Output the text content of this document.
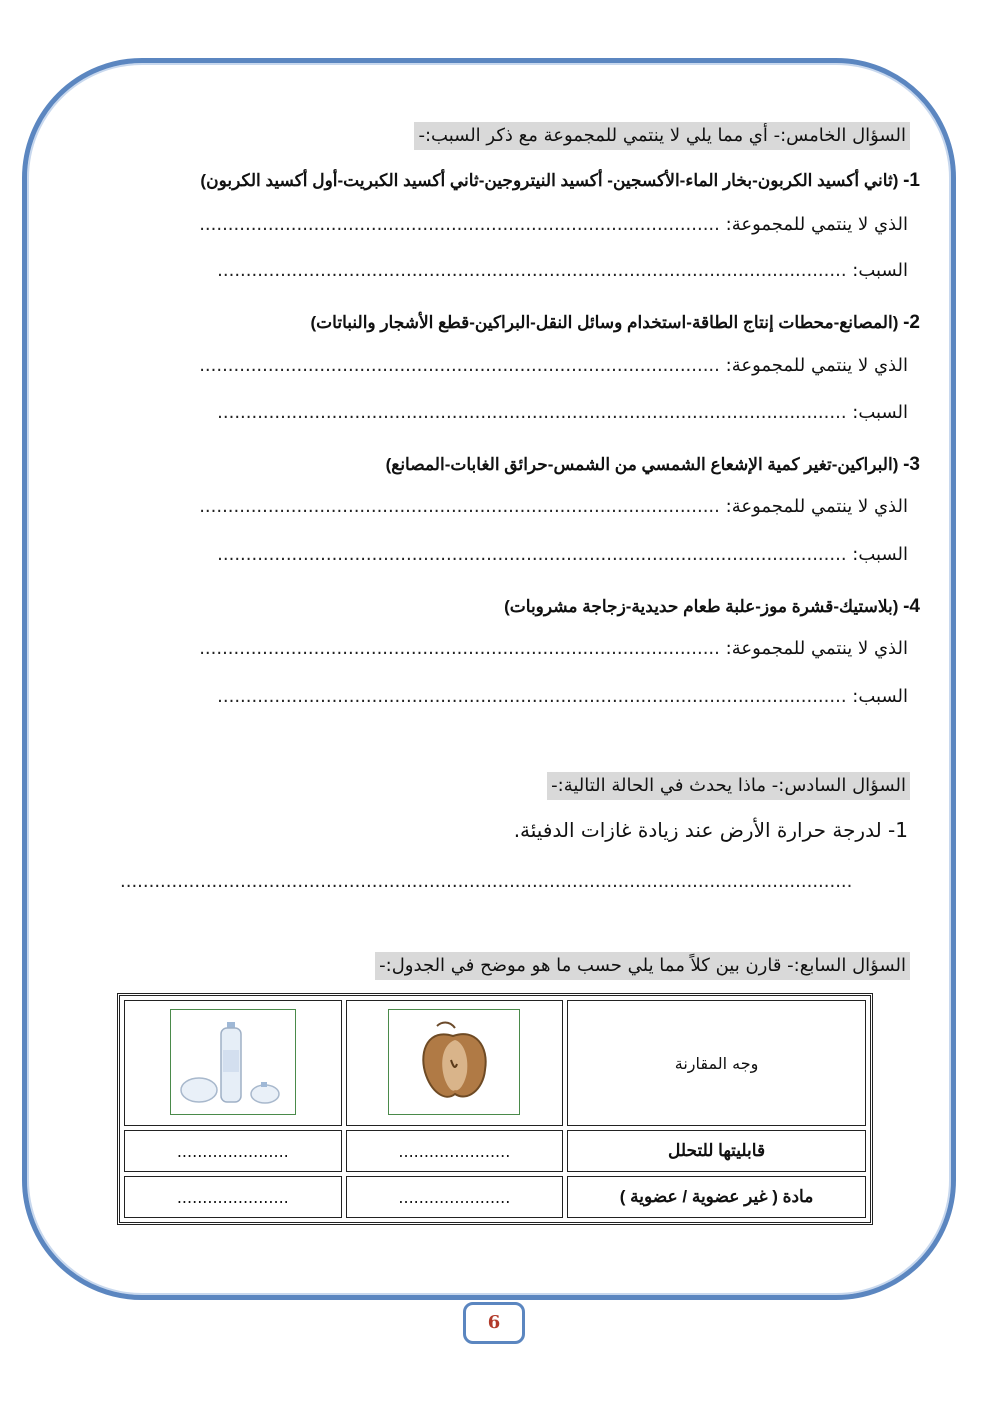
السؤال الخامس:- أي مما يلي لا ينتمي للمجموعة مع ذكر السبب:-
1- (ثاني أكسيد الكربون-بخار الماء-الأكسجين- أكسيد النيتروجين-ثاني أكسيد الكبريت-أول أكسيد الكربون)
الذي لا ينتمي للمجموعة: ...........................................................................................
السبب: ..............................................................................................................
2- (المصانع-محطات إنتاج الطاقة-استخدام وسائل النقل-البراكين-قطع الأشجار والنباتات)
الذي لا ينتمي للمجموعة: ...........................................................................................
السبب: ..............................................................................................................
3- (البراكين-تغير كمية الإشعاع الشمسي من الشمس-حرائق الغابات-المصانع)
الذي لا ينتمي للمجموعة: ...........................................................................................
السبب: ..............................................................................................................
4- (بلاستيك-قشرة موز-علبة طعام حديدية-زجاجة مشروبات)
الذي لا ينتمي للمجموعة: ...........................................................................................
السبب: ..............................................................................................................
السؤال السادس:- ماذا يحدث في الحالة التالية:-
1- لدرجة حرارة الأرض عند زيادة غازات الدفيئة.
................................................................................................................................
السؤال السابع:- قارن بين كلاً مما يلي حسب ما هو موضح في الجدول:-
وجه المقارنة		
قابليتها للتحلل	......................	......................
مادة ( غير عضوية / عضوية )	......................	......................
6
